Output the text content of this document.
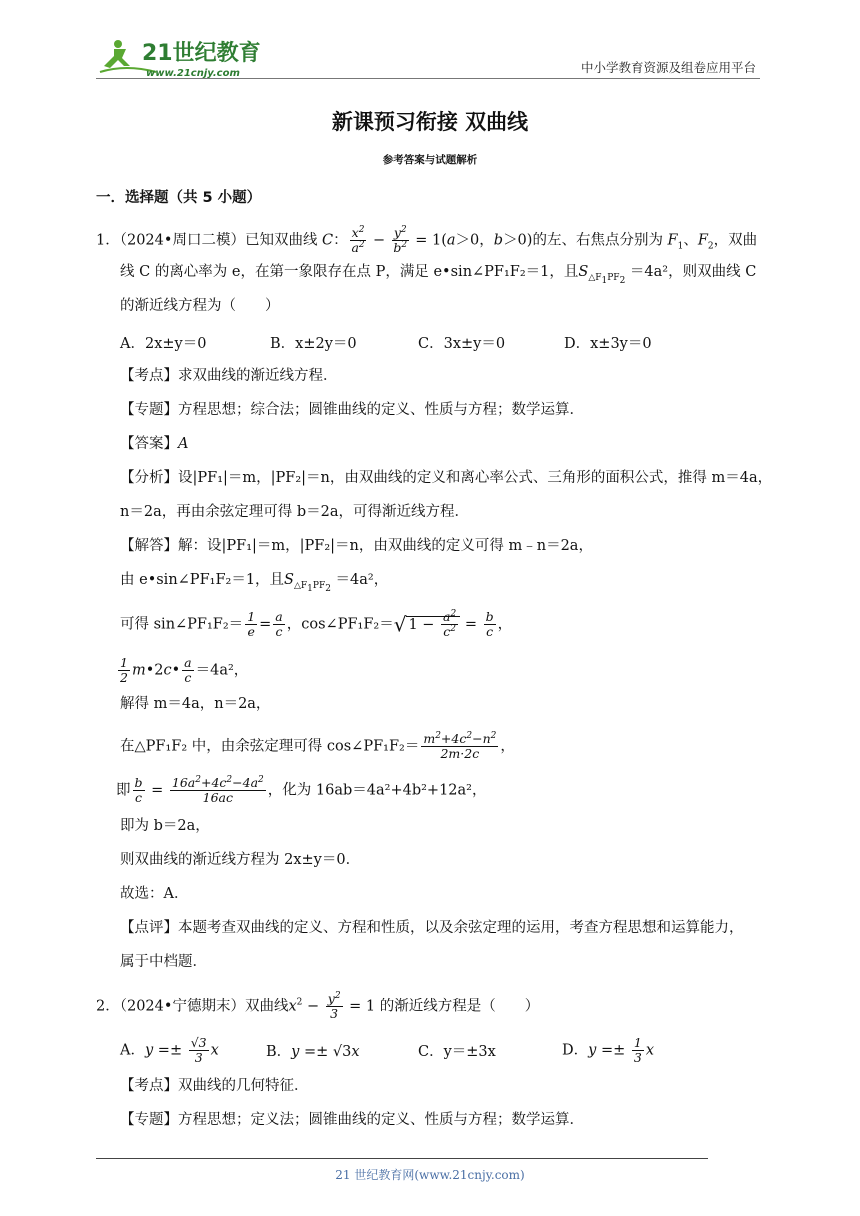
21世纪教育
www.21cnjy.com	中小学教育资源及组卷应用平台
新课预习衔接 双曲线
参考答案与试题解析
一．选择题（共 5 小题）
1．（2024•周口二模）已知双曲线 C： $\frac{x^2}{a^2} - \frac{y^2}{b^2} = 1(a>0$，b＞0)的左、右焦点分别为 $F_1$、$F_2$，双曲
线 C 的离心率为 e，在第一象限存在点 P，满足 e•sin∠PF₁F₂＝1，且$S_{\triangle F_1PF_2} =4a^2$，则双曲线 C
的渐近线方程为（　　）
A．2x±y＝0	B．x±2y＝0	C．3x±y＝0	D．x±3y＝0
【考点】求双曲线的渐近线方程．
【专题】方程思想；综合法；圆锥曲线的定义、性质与方程；数学运算．
【答案】A
【分析】设|PF₁|＝m，|PF₂|＝n，由双曲线的定义和离心率公式、三角形的面积公式，推得 m＝4a，
n＝2a，再由余弦定理可得 b＝2a，可得渐近线方程．
【解答】解：设|PF₁|＝m，|PF₂|＝n，由双曲线的定义可得 m﹣n＝2a，
由 e•sin∠PF₁F₂＝1，且$S_{\triangle F_1PF_2} =4a^2$，
可得 sin∠PF₁F₂＝ $\frac{1}{e} = \frac{a}{c}$ ，cos∠PF₁F₂＝√ $1 - \frac{a^2}{c^2} = \frac{b}{c}$ ，
$\frac{1}{2}$ m•2c• $\frac{a}{c} =4a^2$，
解得 m＝4a，n＝2a，
在△PF₁F₂ 中，由余弦定理可得 cos∠PF₁F₂＝ $\frac{m^2+4c^2-n^2}{2m\cdot 2c}$ ，
即 $\frac{b}{c} = \frac{16a^2+4c^2-4a^2}{16ac}$ ，化为 16ab＝4a²+4b²+12a²，
即为 b＝2a，
则双曲线的渐近线方程为 2x±y＝0．
故选：A．
【点评】本题考查双曲线的定义、方程和性质，以及余弦定理的运用，考查方程思想和运算能力，
属于中档题．
2．（2024•宁德期末）双曲线$x^2 - \frac{y^2}{3} = 1$ 的渐近线方程是（　　）
A．$y =\pm \frac{√3}{3}$ x	B．y =± √3x	C．y＝±3x	D．$y =\pm \frac{1}{3}$ x
【考点】双曲线的几何特征．
【专题】方程思想；定义法；圆锥曲线的定义、性质与方程；数学运算．
21 世纪教育网(www.21cnjy.com)
